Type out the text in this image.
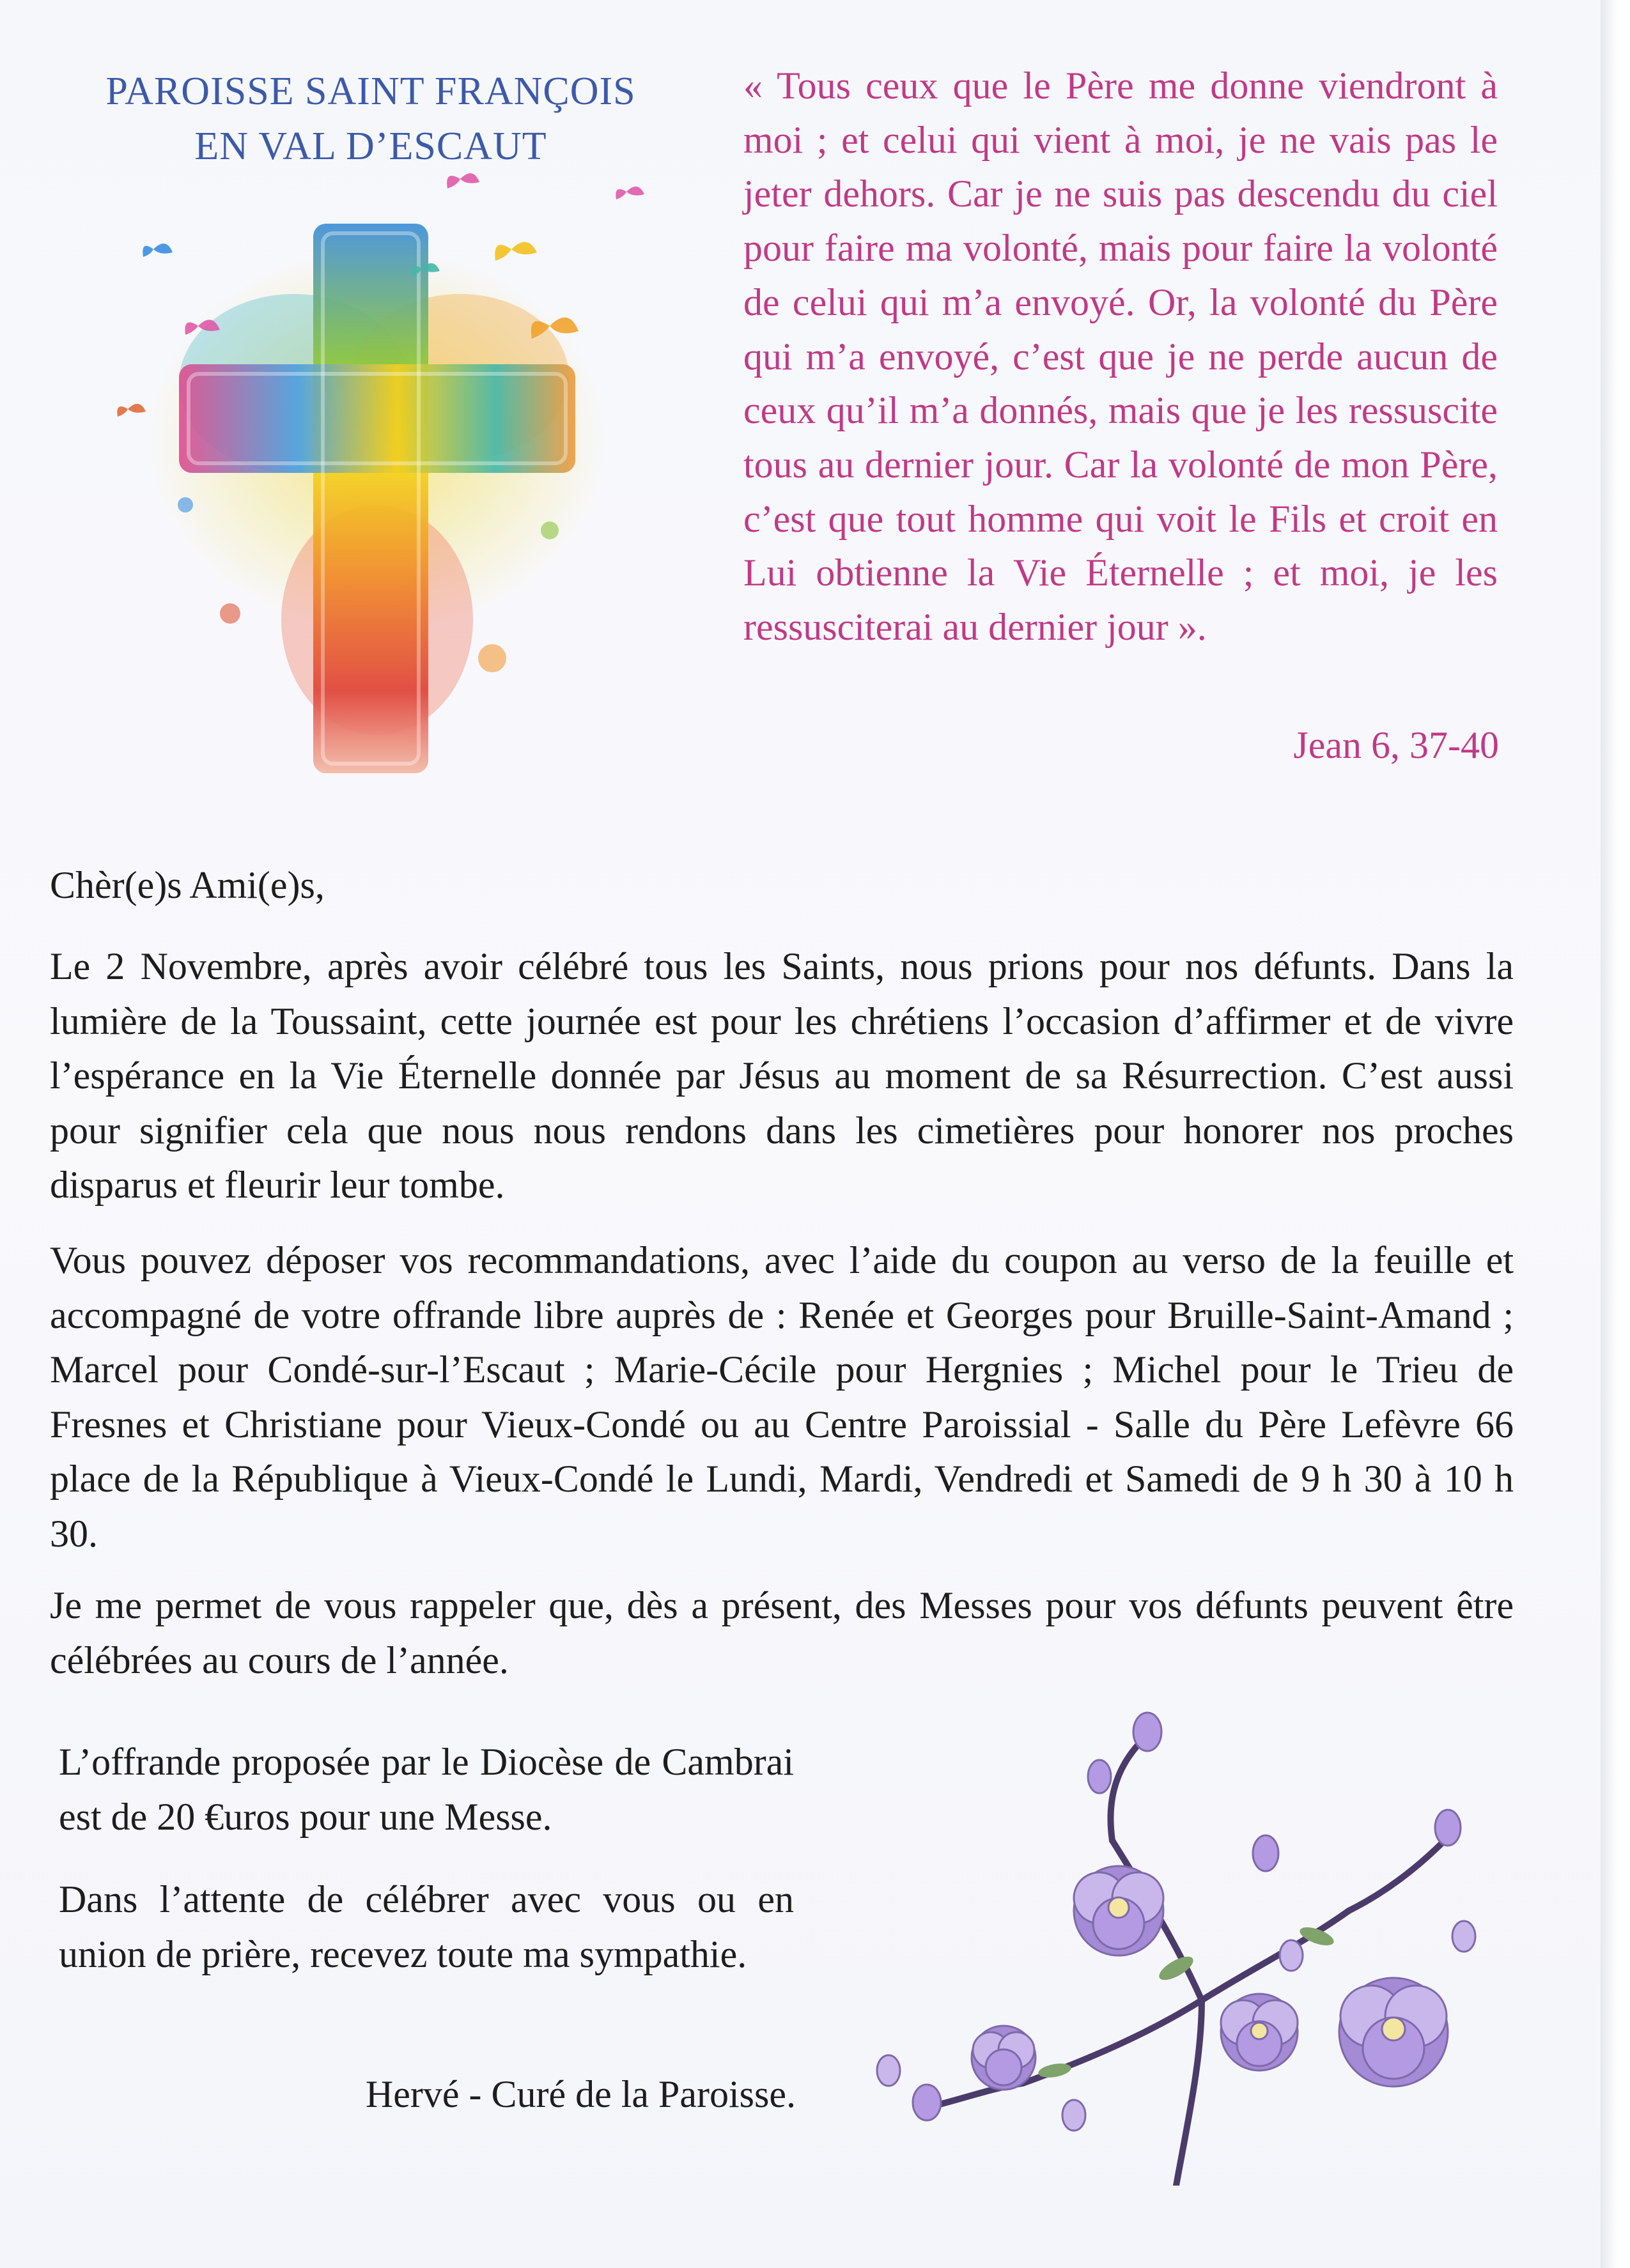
PAROISSE SAINT FRANÇOIS
EN VAL D’ESCAUT
« Tous ceux que le Père me donne viendront à moi ; et celui qui vient à moi, je ne vais pas le jeter dehors. Car je ne suis pas descendu du ciel pour faire ma volonté, mais pour faire la volonté de celui qui m’a envoyé. Or, la volonté du Père qui m’a envoyé, c’est que je ne perde aucun de ceux qu’il m’a donnés, mais que je les ressuscite tous au dernier jour. Car la volonté de mon Père, c’est que tout homme qui voit le Fils et croit en Lui obtienne la Vie Éternelle ; et moi, je les ressusciterai au dernier jour ».
Jean 6, 37-40
Chèr(e)s Ami(e)s,
Le 2 Novembre, après avoir célébré tous les Saints, nous prions pour nos défunts. Dans la lumière de la Toussaint, cette journée est pour les chrétiens l’occasion d’affirmer et de vivre l’espérance en la Vie Éternelle donnée par Jésus au moment de sa Résurrection. C’est aussi pour signifier cela que nous nous rendons dans les cimetières pour honorer nos proches disparus et fleurir leur tombe.
Vous pouvez déposer vos recommandations, avec l’aide du coupon au verso de la feuille et accompagné de votre offrande libre auprès de : Renée et Georges pour Bruille-Saint-Amand ; Marcel pour Condé-sur-l’Escaut ; Marie-Cécile pour Hergnies ; Michel pour le Trieu de Fresnes et Christiane pour Vieux-Condé ou au Centre Paroissial - Salle du Père Lefèvre 66 place de la République à Vieux-Condé le Lundi, Mardi, Vendredi et Samedi de 9 h 30 à 10 h 30.
Je me permet de vous rappeler que, dès a présent, des Messes pour vos défunts peuvent être célébrées au cours de l’année.
L’offrande proposée par le Diocèse de Cambrai est de 20 €uros pour une Messe.
Dans l’attente de célébrer avec vous ou en union de prière, recevez toute ma sympathie.
Hervé - Curé de la Paroisse.
